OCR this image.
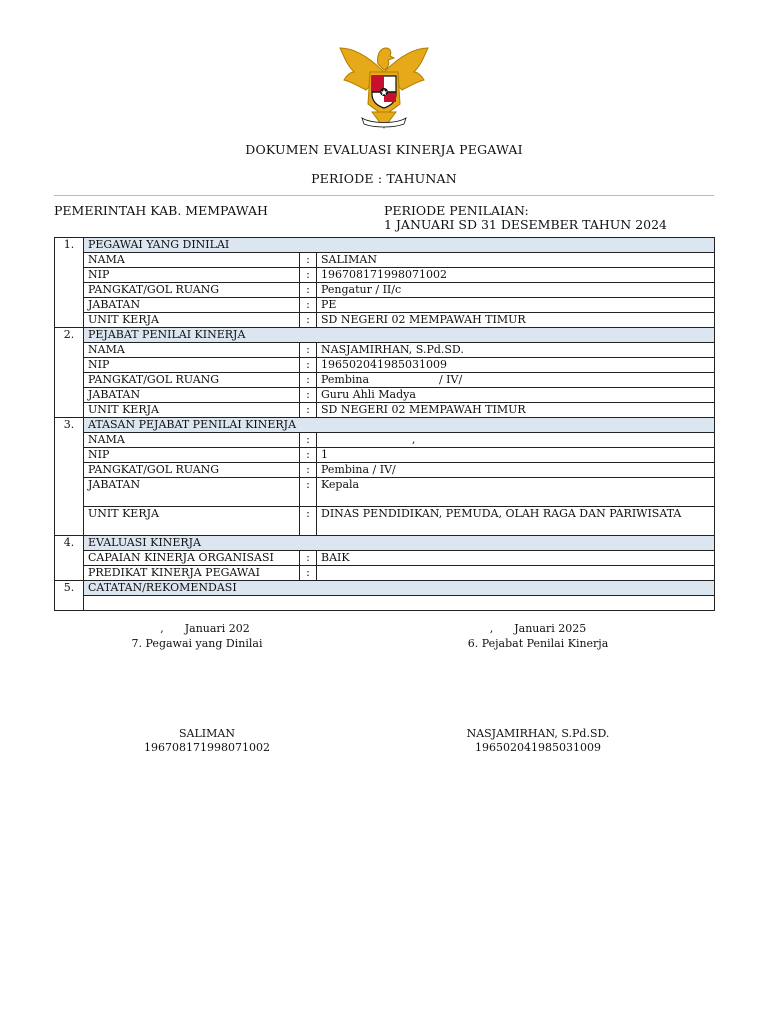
DOKUMEN EVALUASI KINERJA PEGAWAI
PERIODE : TAHUNAN
PEMERINTAH KAB. MEMPAWAH	PERIODE PENILAIAN:
1 JANUARI SD 31 DESEMBER TAHUN 2024
1.	PEGAWAI YANG DINILAI		
	NAMA	:	SALIMAN
	NIP	:	196708171998071002
	PANGKAT/GOL RUANG	:	Pengatur / II/c
	JABATAN	:	PE
	UNIT KERJA	:	SD NEGERI 02 MEMPAWAH TIMUR
2.	PEJABAT PENILAI KINERJA		
	NAMA	:	NASJAMIRHAN, S.Pd.SD.
	NIP	:	196502041985031009
	PANGKAT/GOL RUANG	:	Pembina                    / IV/
	JABATAN	:	Guru Ahli Madya
	UNIT KERJA	:	SD NEGERI 02 MEMPAWAH TIMUR
3.	ATASAN PEJABAT PENILAI KINERJA		
	NAMA	:	,
	NIP	:	1
	PANGKAT/GOL RUANG	:	Pembina / IV/
	JABATAN	:	Kepala
	UNIT KERJA	:	DINAS PENDIDIKAN, PEMUDA, OLAH RAGA DAN PARIWISATA
4.	EVALUASI KINERJA		
	CAPAIAN KINERJA ORGANISASI	:	BAIK
	PREDIKAT KINERJA PEGAWAI	:	
5.	CATATAN/REKOMENDASI		

,      Januari 202
7. Pegawai yang Dinilai
SALIMAN
196708171998071002
,      Januari 2025
6. Pejabat Penilai Kinerja
NASJAMIRHAN, S.Pd.SD.
196502041985031009
